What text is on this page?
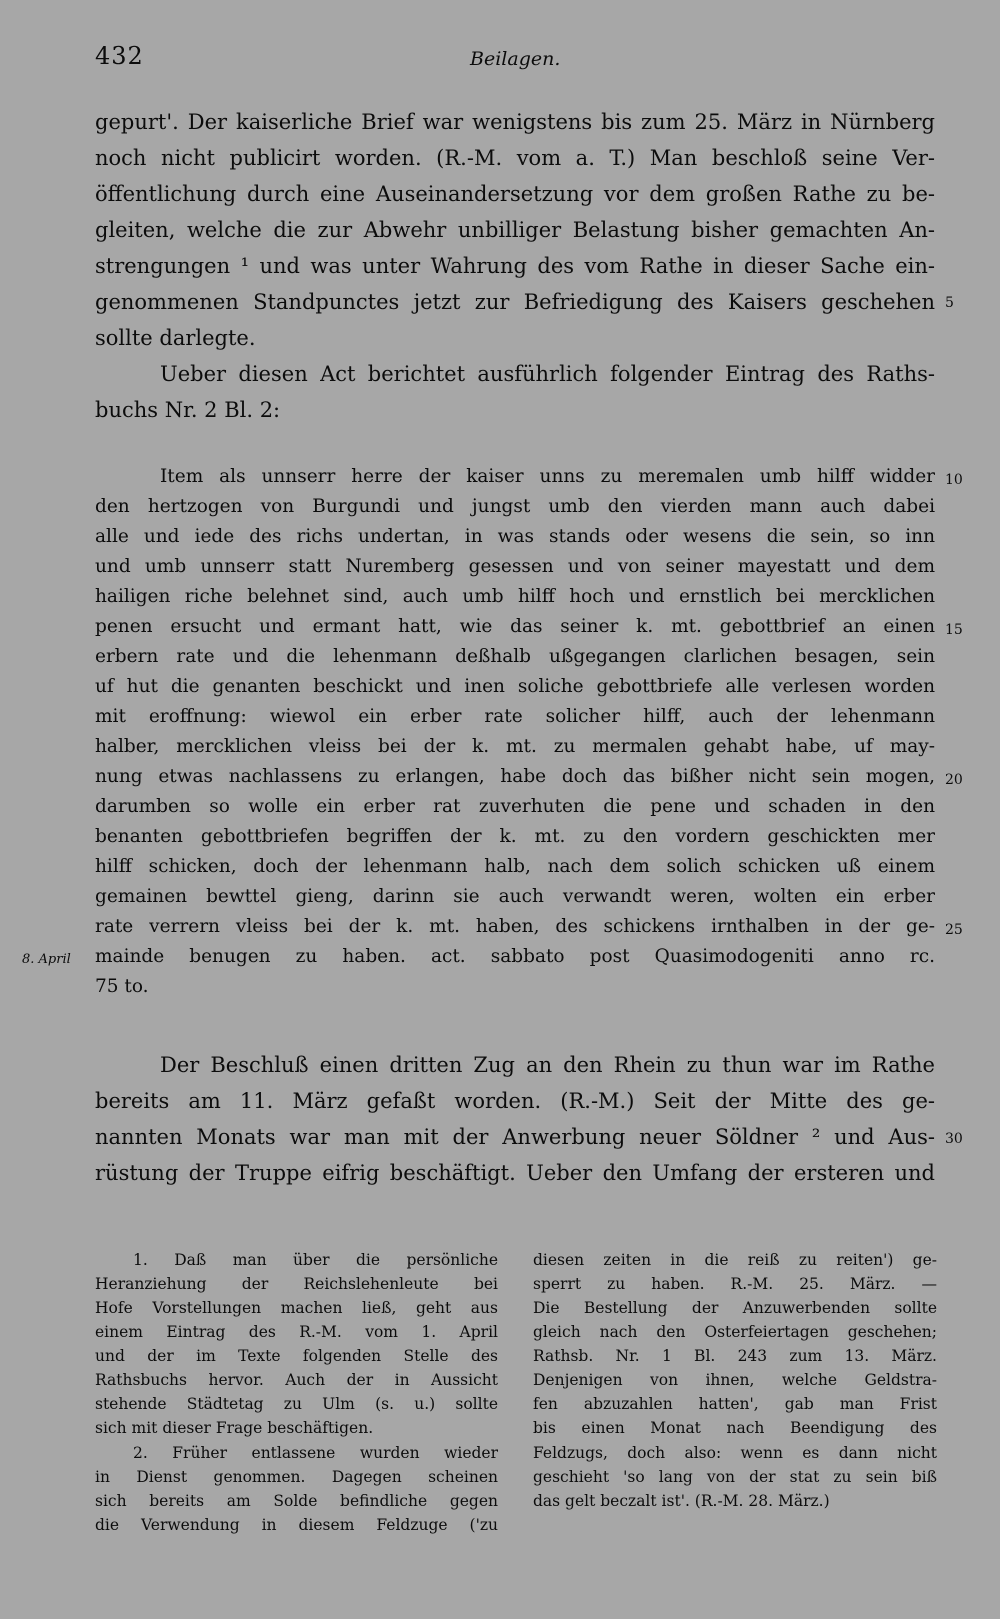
432	Beilagen.
gepurt'. Der kaiserliche Brief war wenigstens bis zum 25. März in Nürnberg
noch nicht publicirt worden. (R.-M. vom a. T.) Man beschloß seine Ver-
öffentlichung durch eine Auseinandersetzung vor dem großen Rathe zu be-
gleiten, welche die zur Abwehr unbilliger Belastung bisher gemachten An-
strengungen ¹ und was unter Wahrung des vom Rathe in dieser Sache ein-
genommenen Standpunctes jetzt zur Befriedigung des Kaisers geschehen
sollte darlegte.
Ueber diesen Act berichtet ausführlich folgender Eintrag des Raths-
buchs Nr. 2 Bl. 2:
Item als unnserr herre der kaiser unns zu meremalen umb hilff widder
den hertzogen von Burgundi und jungst umb den vierden mann auch dabei
alle und iede des richs undertan, in was stands oder wesens die sein, so inn
und umb unnserr statt Nuremberg gesessen und von seiner mayestatt und dem
hailigen riche belehnet sind, auch umb hilff hoch und ernstlich bei mercklichen
penen ersucht und ermant hatt, wie das seiner k. mt. gebottbrief an einen
erbern rate und die lehenmann deßhalb ußgegangen clarlichen besagen, sein
uf hut die genanten beschickt und inen soliche gebottbriefe alle verlesen worden
mit eroffnung: wiewol ein erber rate solicher hilff, auch der lehenmann
halber, mercklichen vleiss bei der k. mt. zu mermalen gehabt habe, uf may-
nung etwas nachlassens zu erlangen, habe doch das bißher nicht sein mogen,
darumben so wolle ein erber rat zuverhuten die pene und schaden in den
benanten gebottbriefen begriffen der k. mt. zu den vordern geschickten mer
hilff schicken, doch der lehenmann halb, nach dem solich schicken uß einem
gemainen bewttel gieng, darinn sie auch verwandt weren, wolten ein erber
rate verrern vleiss bei der k. mt. haben, des schickens irnthalben in der ge-
mainde benugen zu haben. act. sabbato post Quasimodogeniti anno rc.
75 to.
Der Beschluß einen dritten Zug an den Rhein zu thun war im Rathe
bereits am 11. März gefaßt worden. (R.-M.) Seit der Mitte des ge-
nannten Monats war man mit der Anwerbung neuer Söldner ² und Aus-
rüstung der Truppe eifrig beschäftigt. Ueber den Umfang der ersteren und
5
10
15
20
25
30
8. April
1. Daß man über die persönliche
Heranziehung der Reichslehenleute bei
Hofe Vorstellungen machen ließ, geht aus
einem Eintrag des R.-M. vom 1. April
und der im Texte folgenden Stelle des
Rathsbuchs hervor. Auch der in Aussicht
stehende Städtetag zu Ulm (s. u.) sollte
sich mit dieser Frage beschäftigen.
2. Früher entlassene wurden wieder
in Dienst genommen. Dagegen scheinen
sich bereits am Solde befindliche gegen
die Verwendung in diesem Feldzuge ('zu
diesen zeiten in die reiß zu reiten') ge-
sperrt zu haben. R.-M. 25. März. —
Die Bestellung der Anzuwerbenden sollte
gleich nach den Osterfeiertagen geschehen;
Rathsb. Nr. 1 Bl. 243 zum 13. März.
Denjenigen von ihnen, welche Geldstra-
fen abzuzahlen hatten', gab man Frist
bis einen Monat nach Beendigung des
Feldzugs, doch also: wenn es dann nicht
geschieht 'so lang von der stat zu sein biß
das gelt beczalt ist'. (R.-M. 28. März.)
